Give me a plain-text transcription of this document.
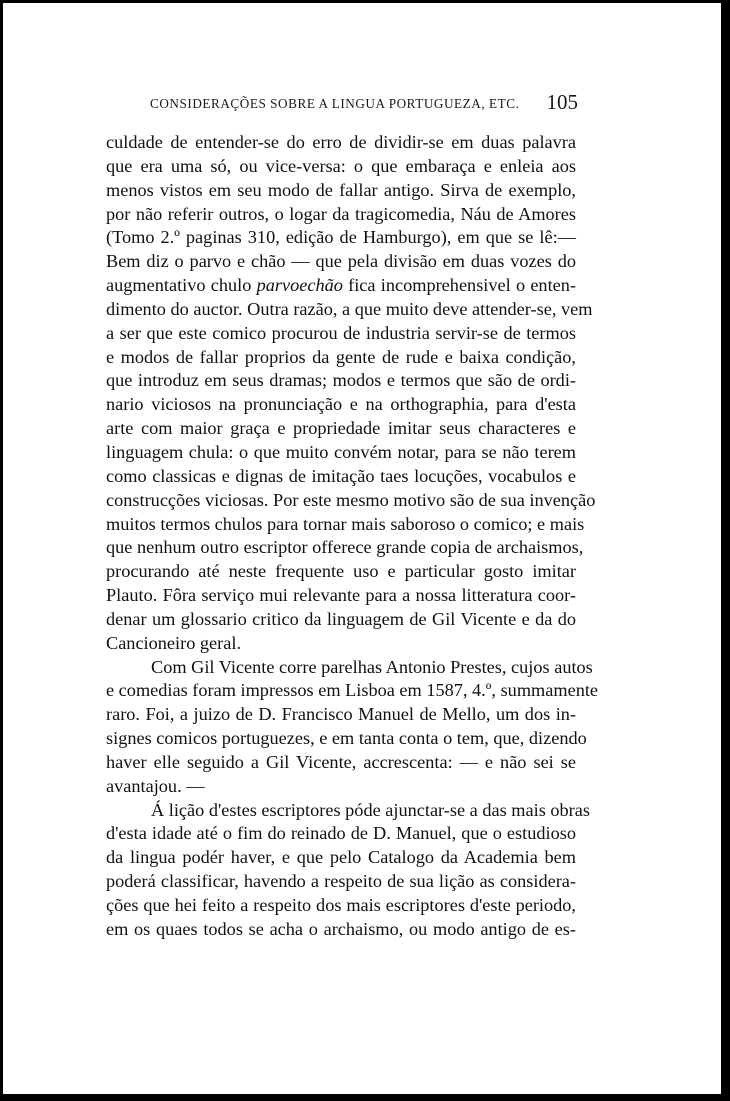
CONSIDERAÇÕES SOBRE A LINGUA PORTUGUEZA, ETC. 105
culdade de entender-se do erro de dividir-se em duas palavra
que era uma só, ou vice-versa: o que embaraça e enleia aos
menos vistos em seu modo de fallar antigo. Sirva de exemplo,
por não referir outros, o logar da tragicomedia, Náu de Amores
(Tomo 2.º paginas 310, edição de Hamburgo), em que se lê:—
Bem diz o parvo e chão — que pela divisão em duas vozes do
augmentativo chulo parvoechão fica incomprehensivel o enten-
dimento do auctor. Outra razão, a que muito deve attender-se, vem
a ser que este comico procurou de industria servir-se de termos
e modos de fallar proprios da gente de rude e baixa condição,
que introduz em seus dramas; modos e termos que são de ordi-
nario viciosos na pronunciação e na orthographia, para d'esta
arte com maior graça e propriedade imitar seus characteres e
linguagem chula: o que muito convém notar, para se não terem
como classicas e dignas de imitação taes locuções, vocabulos e
construcções viciosas. Por este mesmo motivo são de sua invenção
muitos termos chulos para tornar mais saboroso o comico; e mais
que nenhum outro escriptor offerece grande copia de archaismos,
procurando até neste frequente uso e particular gosto imitar
Plauto. Fôra serviço mui relevante para a nossa litteratura coor-
denar um glossario critico da linguagem de Gil Vicente e da do
Cancioneiro geral.
Com Gil Vicente corre parelhas Antonio Prestes, cujos autos
e comedias foram impressos em Lisboa em 1587, 4.º, summamente
raro. Foi, a juizo de D. Francisco Manuel de Mello, um dos in-
signes comicos portuguezes, e em tanta conta o tem, que, dizendo
haver elle seguido a Gil Vicente, accrescenta: — e não sei se
avantajou. —
Á lição d'estes escriptores póde ajunctar-se a das mais obras
d'esta idade até o fim do reinado de D. Manuel, que o estudioso
da lingua podér haver, e que pelo Catalogo da Academia bem
poderá classificar, havendo a respeito de sua lição as considera-
ções que hei feito a respeito dos mais escriptores d'este periodo,
em os quaes todos se acha o archaismo, ou modo antigo de es-
